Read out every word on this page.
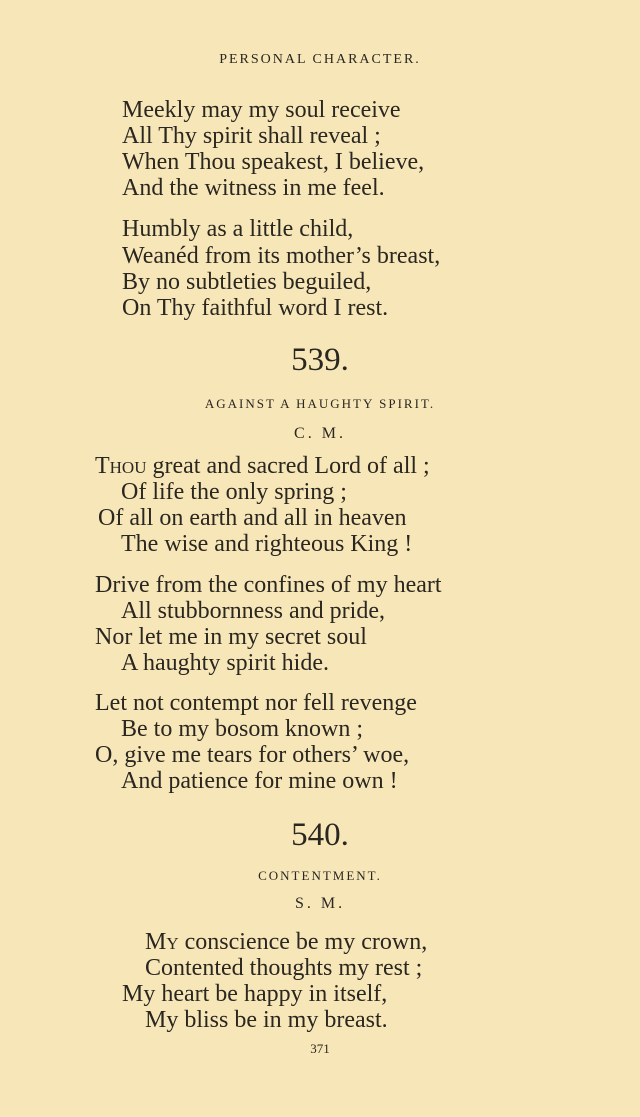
PERSONAL CHARACTER.
Meekly may my soul receive
All Thy spirit shall reveal ;
When Thou speakest, I believe,
And the witness in me feel.
Humbly as a little child,
Weanéd from its mother’s breast,
By no subtleties beguiled,
On Thy faithful word I rest.
539.
AGAINST A HAUGHTY SPIRIT.
C. M.
Thou great and sacred Lord of all ;
Of life the only spring ;
Of all on earth and all in heaven
The wise and righteous King !
Drive from the confines of my heart
All stubbornness and pride,
Nor let me in my secret soul
A haughty spirit hide.
Let not contempt nor fell revenge
Be to my bosom known ;
O, give me tears for others’ woe,
And patience for mine own !
540.
CONTENTMENT.
S. M.
My conscience be my crown,
Contented thoughts my rest ;
My heart be happy in itself,
My bliss be in my breast.
371
